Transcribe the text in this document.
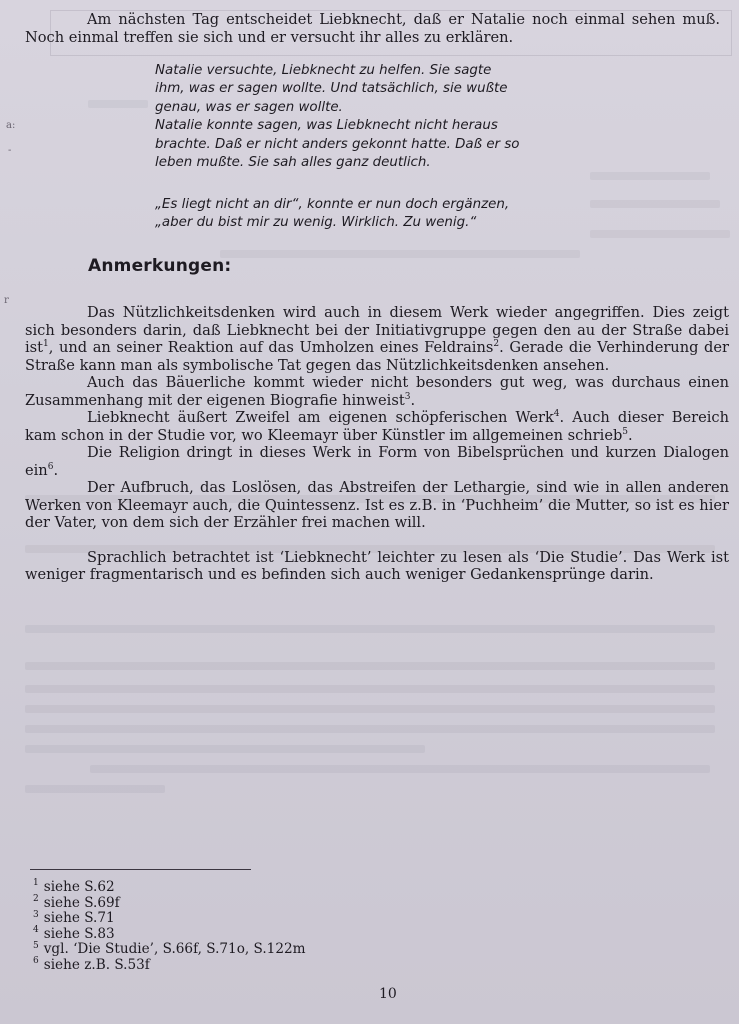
a:
-
r

Am nächsten Tag entscheidet Liebknecht, daß er Natalie noch einmal sehen muß. Noch einmal treffen sie sich und er versucht ihr alles zu erklären.

Natalie versuchte, Liebknecht zu helfen. Sie sagte
ihm, was er sagen wollte. Und tatsächlich, sie wußte
genau, was er sagen wollte.
Natalie konnte sagen, was Liebknecht nicht heraus
brachte. Daß er nicht anders gekonnt hatte. Daß er so
leben mußte. Sie sah alles ganz deutlich.
„Es liegt nicht an dir“, konnte er nun doch ergänzen,
„aber du bist mir zu wenig. Wirklich. Zu wenig.“
Anmerkungen:

Das Nützlichkeitsdenken wird auch in diesem Werk wieder angegriffen. Dies zeigt sich besonders darin, daß Liebknecht bei der Initiativgruppe gegen den au der Straße dabei ist$^1$, und an seiner Reaktion auf das Umholzen eines Feldrains$^2$. Gerade die Verhinderung der Straße kann man als symbolische Tat gegen das Nützlichkeitsdenken ansehen.

Auch das Bäuerliche kommt wieder nicht besonders gut weg, was durchaus einen Zusammenhang mit der eigenen Biografie hinweist$^3$.

Liebknecht äußert Zweifel am eigenen schöpferischen Werk$^4$. Auch dieser Bereich kam schon in der Studie vor, wo Kleemayr über Künstler im allgemeinen schrieb$^5$.

Die Religion dringt in dieses Werk in Form von Bibelsprüchen und kurzen Dialogen ein$^6$.

Der Aufbruch, das Loslösen, das Abstreifen der Lethargie, sind wie in allen anderen Werken von Kleemayr auch, die Quintessenz. Ist es z.B. in ‘Puchheim’ die Mutter, so ist es hier der Vater, von dem sich der Erzähler frei machen will.

Sprachlich betrachtet ist ‘Liebknecht’ leichter zu lesen als ‘Die Studie’. Das Werk ist weniger fragmentarisch und es befinden sich auch weniger Gedankensprünge darin.

$^1$ siehe S.62
$^2$ siehe S.69f
$^3$ siehe S.71
$^4$ siehe S.83
$^5$ vgl. ‘Die Studie’, S.66f, S.71o, S.122m
$^6$ siehe z.B. S.53f
10
